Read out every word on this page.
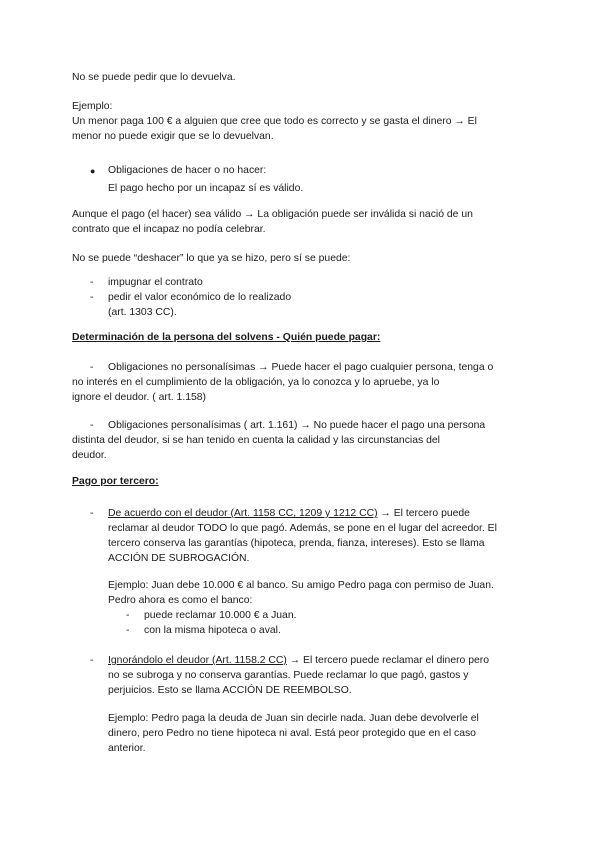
No se puede pedir que lo devuelva.

Ejemplo:
Un menor paga 100 € a alguien que cree que todo es correcto y se gasta el dinero → El
menor no puede exigir que se lo devuelvan.

● Obligaciones de hacer o no hacer:
El pago hecho por un incapaz sí es válido.

Aunque el pago (el hacer) sea válido → La obligación puede ser inválida si nació de un
contrato que el incapaz no podía celebrar.

No se puede “deshacer” lo que ya se hizo, pero sí se puede:

-	impugnar el contrato

-	pedir el valor económico de lo realizado
(art. 1303 CC).

Determinación de la persona del solvens - Quién puede pagar:

-	Obligaciones no personalísimas → Puede hacer el pago cualquier persona, tenga o
no interés en el cumplimiento de la obligación, ya lo conozca y lo apruebe, ya lo
ignore el deudor. ( art. 1.158)

-	Obligaciones personalísimas ( art. 1.161) → No puede hacer el pago una persona
distinta del deudor, si se han tenido en cuenta la calidad y las circunstancias del
deudor.

Pago por tercero:

-	De acuerdo con el deudor (Art. 1158 CC, 1209 y 1212 CC) → El tercero puede
reclamar al deudor TODO lo que pagó. Además, se pone en el lugar del acreedor. El
tercero conserva las garantías (hipoteca, prenda, fianza, intereses). Esto se llama
ACCIÓN DE SUBROGACIÓN.

Ejemplo: Juan debe 10.000 € al banco. Su amigo Pedro paga con permiso de Juan.
Pedro ahora es como el banco:

-	puede reclamar 10.000 € a Juan.

-	con la misma hipoteca o aval.

-	Ignorándolo el deudor (Art. 1158.2 CC) → El tercero puede reclamar el dinero pero
no se subroga y no conserva garantías. Puede reclamar lo que pagó, gastos y
perjuicios. Esto se llama ACCIÓN DE REEMBOLSO.

Ejemplo: Pedro paga la deuda de Juan sin decirle nada. Juan debe devolverle el
dinero, pero Pedro no tiene hipoteca ni aval. Está peor protegido que en el caso
anterior.
